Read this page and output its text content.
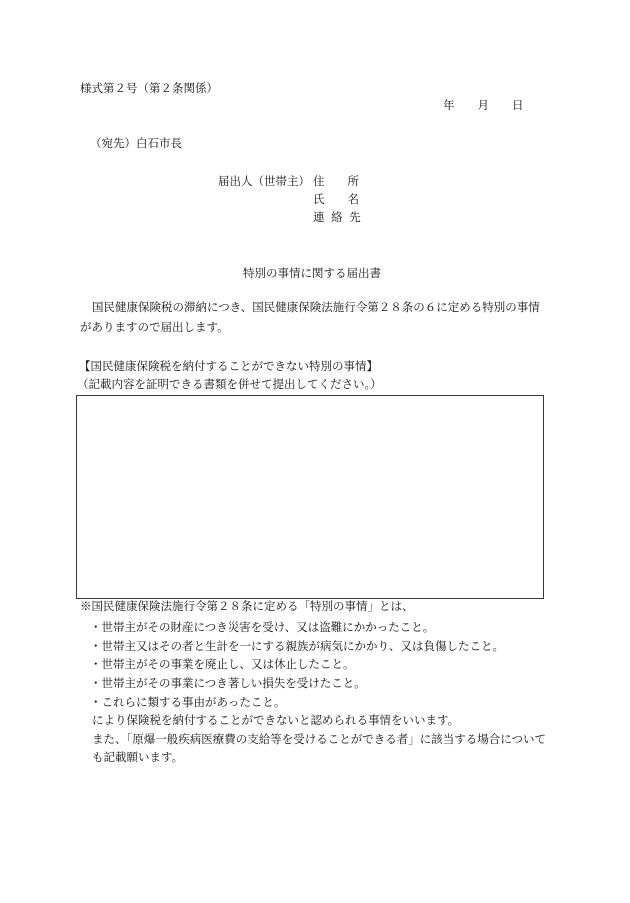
様式第２号（第２条関係）
年　　月　　日
（宛先）白石市長
届出人（世帯主） 住　　所
氏　　名
連 絡 先
特別の事情に関する届出書
国民健康保険税の滞納につき、国民健康保険法施行令第２８条の６に定める特別の事情
がありますので届出します。
【国民健康保険税を納付することができない特別の事情】
（記載内容を証明できる書類を併せて提出してください。）
※国民健康保険法施行令第２８条に定める「特別の事情」とは、
・世帯主がその財産につき災害を受け、又は盗難にかかったこと。
・世帯主又はその者と生計を一にする親族が病気にかかり、又は負傷したこと。
・世帯主がその事業を廃止し、又は休止したこと。
・世帯主がその事業につき著しい損失を受けたこと。
・これらに類する事由があったこと。
により保険税を納付することができないと認められる事情をいいます。
また、「原爆一般疾病医療費の支給等を受けることができる者」に該当する場合について
も記載願います。
